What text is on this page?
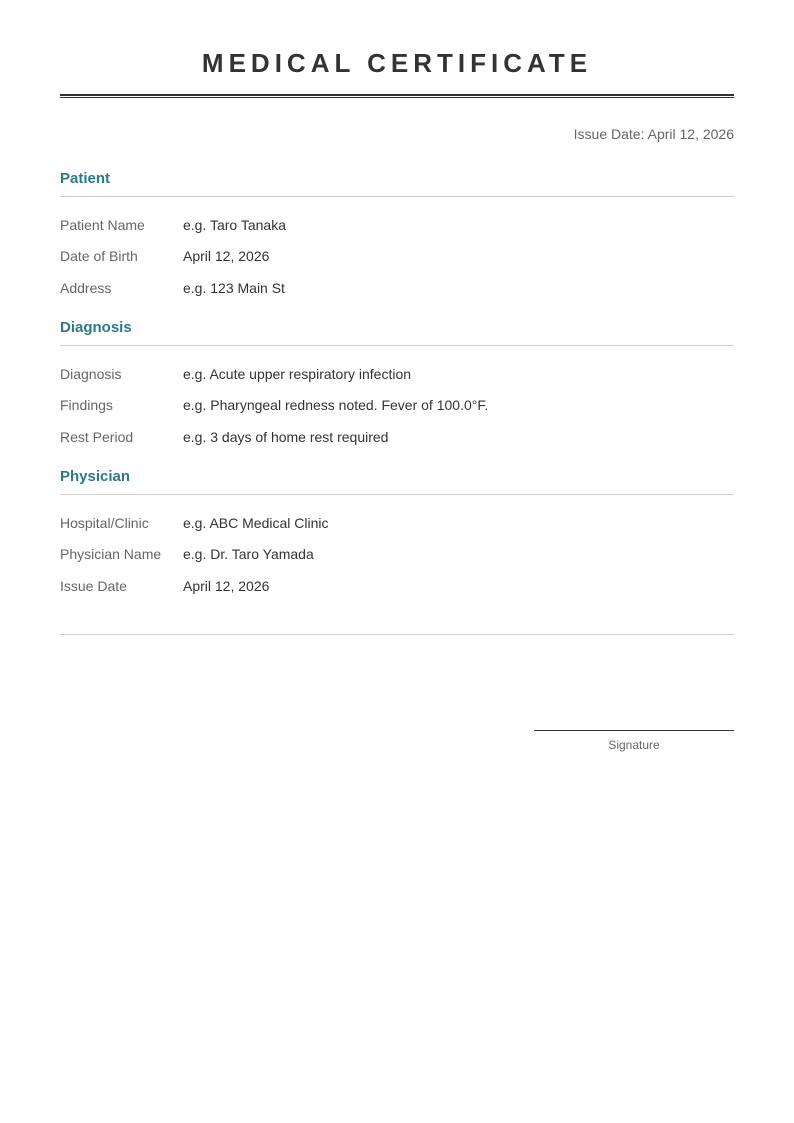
MEDICAL CERTIFICATE
Issue Date: April 12, 2026
Patient
Patient Name	e.g. Taro Tanaka
Date of Birth	April 12, 2026
Address	e.g. 123 Main St
Diagnosis
Diagnosis	e.g. Acute upper respiratory infection
Findings	e.g. Pharyngeal redness noted. Fever of 100.0°F.
Rest Period	e.g. 3 days of home rest required
Physician
Hospital/Clinic	e.g. ABC Medical Clinic
Physician Name	e.g. Dr. Taro Yamada
Issue Date	April 12, 2026
Signature
